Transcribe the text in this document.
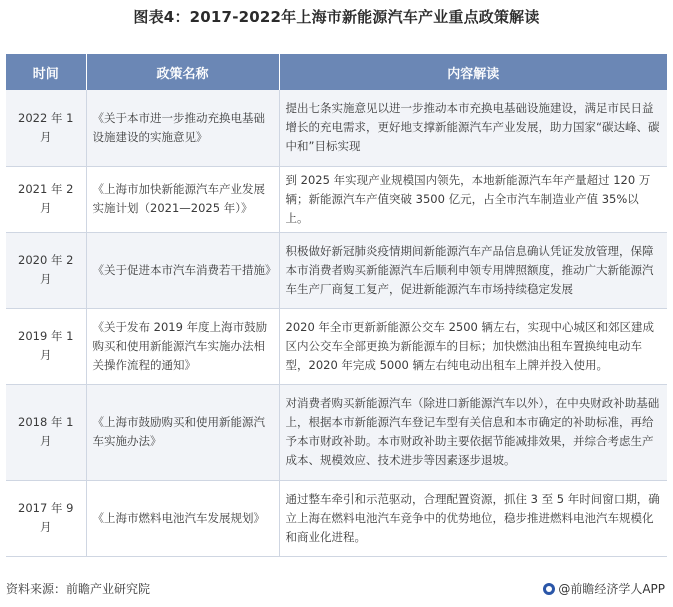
图表4：2017-2022年上海市新能源汽车产业重点政策解读
时间	政策名称	内容解读
2022 年 1 月	《关于本市进一步推动充换电基础设施建设的实施意见》	提出七条实施意见以进一步推动本市充换电基础设施建设，满足市民日益增长的充电需求，更好地支撑新能源汽车产业发展，助力国家“碳达峰、碳中和”目标实现
2021 年 2 月	《上海市加快新能源汽车产业发展实施计划（2021—2025 年）》	到 2025 年实现产业规模国内领先，本地新能源汽车年产量超过 120 万辆；新能源汽车产值突破 3500 亿元，占全市汽车制造业产值 35%以上。
2020 年 2 月	《关于促进本市汽车消费若干措施》	积极做好新冠肺炎疫情期间新能源汽车产品信息确认凭证发放管理，保障本市消费者购买新能源汽车后顺利申领专用牌照额度，推动广大新能源汽车生产厂商复工复产，促进新能源汽车市场持续稳定发展
2019 年 1 月	《关于发布 2019 年度上海市鼓励购买和使用新能源汽车实施办法相关操作流程的通知》	2020 年全市更新新能源公交车 2500 辆左右，实现中心城区和郊区建成区内公交车全部更换为新能源车的目标；加快燃油出租车置换纯电动车型，2020 年完成 5000 辆左右纯电动出租车上牌并投入使用。
2018 年 1 月	《上海市鼓励购买和使用新能源汽车实施办法》	对消费者购买新能源汽车（除进口新能源汽车以外），在中央财政补助基础上，根据本市新能源汽车登记车型有关信息和本市确定的补助标准，再给予本市财政补助。本市财政补助主要依据节能减排效果，并综合考虑生产成本、规模效应、技术进步等因素逐步退坡。
2017 年 9 月	《上海市燃料电池汽车发展规划》	通过整车牵引和示范驱动，合理配置资源，抓住 3 至 5 年时间窗口期，确立上海在燃料电池汽车竞争中的优势地位，稳步推进燃料电池汽车规模化和商业化进程。
资料来源：前瞻产业研究院	@前瞻经济学人APP
